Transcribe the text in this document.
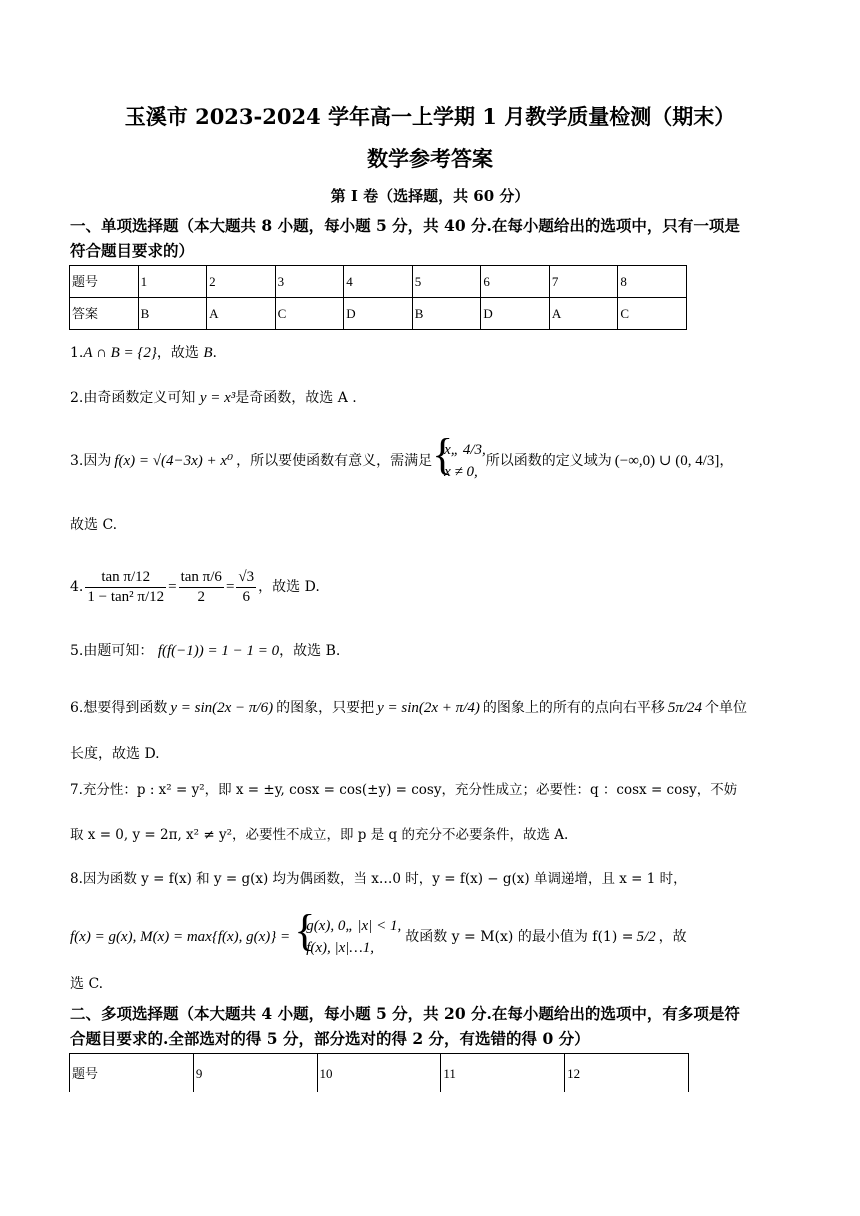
玉溪市 2023-2024 学年高一上学期 1 月教学质量检测（期末）
数学参考答案
第 I 卷（选择题，共 60 分）
一、单项选择题（本大题共 8 小题，每小题 5 分，共 40 分.在每小题给出的选项中，只有一项是
符合题目要求的）
题号	1	2	3	4	5	6	7	8
答案	B	A	C	D	B	D	A	C
1.A ∩ B = {2}，故选 B.
2.由奇函数定义可知 y = x³是奇函数，故选 A .
3.因为 f(x) = √(4−3x) + x⁰ ，所以要使函数有意义，需满足 {
x„ 4/3,
x ≠ 0,
所以函数的定义域为 (−∞,0) ∪ (0, 4/3] ，
故选 C.
4. $\frac{\text{tan π/12}}{\text{1 − tan² π/12}} = \frac{\text{tan π/6}}{2} = \frac{√3}{6}$ ，故选 D.
5.由题可知： f(f(−1)) = 1 − 1 = 0，故选 B.
6.想要得到函数 y = sin(2x − π/6) 的图象，只要把 y = sin(2x + π/4) 的图象上的所有的点向右平移 5π/24 个单位
长度，故选 D.
7.充分性：p : x² = y²，即 x = ±y, cosx = cos(±y) = cosy，充分性成立；必要性：q ：cosx = cosy，不妨
取 x = 0, y = 2π, x² ≠ y²，必要性不成立，即 p 是 q 的充分不必要条件，故选 A.
8.因为函数 y = f(x) 和 y = g(x) 均为偶函数，当 x…0 时，y = f(x) − g(x) 单调递增，且 x = 1 时，
f(x) = g(x), M(x) = max{f(x), g(x)} = {
g(x), 0„ |x| < 1,
f(x), |x|…1,
故函数 y = M(x) 的最小值为 f(1) = 5/2 ，故
选 C.
二、多项选择题（本大题共 4 小题，每小题 5 分，共 20 分.在每小题给出的选项中，有多项是符
合题目要求的.全部选对的得 5 分，部分选对的得 2 分，有选错的得 0 分）
题号	9	10	11	12
